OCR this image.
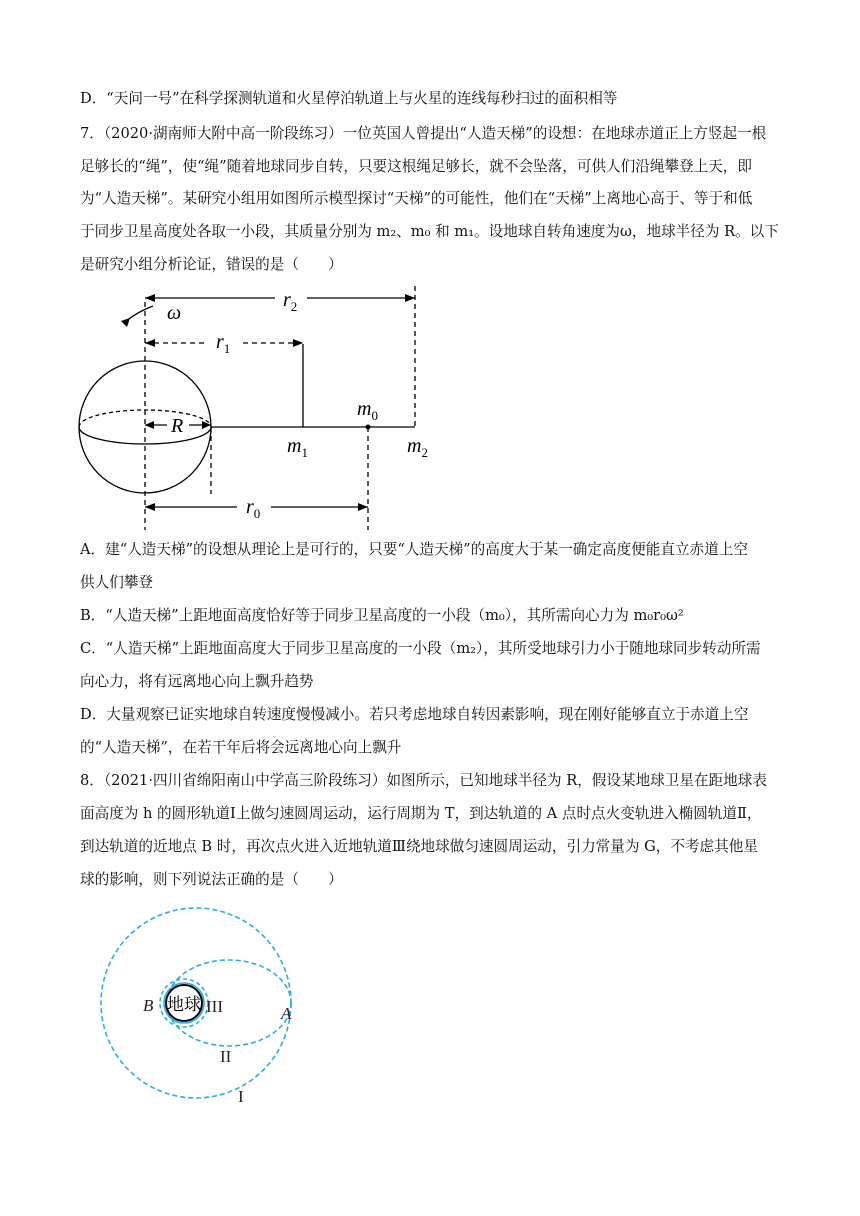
D．“天问一号”在科学探测轨道和火星停泊轨道上与火星的连线每秒扫过的面积相等
7．（2020·湖南师大附中高一阶段练习）一位英国人曾提出“人造天梯”的设想：在地球赤道正上方竖起一根
足够长的“绳”，使“绳”随着地球同步自转，只要这根绳足够长，就不会坠落，可供人们沿绳攀登上天，即
为“人造天梯”。某研究小组用如图所示模型探讨“天梯”的可能性，他们在“天梯”上离地心高于、等于和低
于同步卫星高度处各取一小段，其质量分别为 m₂、m₀ 和 m₁。设地球自转角速度为ω，地球半径为 R。以下
是研究小组分析论证，错误的是（　　）
ω
$r_2$
$r_1$
R
$r_0$
$m_0$
$m_1$	$m_2$
A．建“人造天梯”的设想从理论上是可行的，只要“人造天梯”的高度大于某一确定高度便能直立赤道上空
供人们攀登
B．“人造天梯”上距地面高度恰好等于同步卫星高度的一小段（m₀），其所需向心力为 m₀r₀ω²
C．“人造天梯”上距地面高度大于同步卫星高度的一小段（m₂），其所受地球引力小于随地球同步转动所需
向心力，将有远离地心向上飘升趋势
D．大量观察已证实地球自转速度慢慢减小。若只考虑地球自转因素影响，现在刚好能够直立于赤道上空
的“人造天梯”，在若干年后将会远离地心向上飘升
8．（2021·四川省绵阳南山中学高三阶段练习）如图所示，已知地球半径为 R，假设某地球卫星在距地球表
面高度为 h 的圆形轨道Ⅰ上做匀速圆周运动，运行周期为 T，到达轨道的 A 点时点火变轨进入椭圆轨道Ⅱ，
到达轨道的近地点 B 时，再次点火进入近地轨道Ⅲ绕地球做匀速圆周运动，引力常量为 G，不考虑其他星
球的影响，则下列说法正确的是（　　）
地球
B	A
III
II
I
